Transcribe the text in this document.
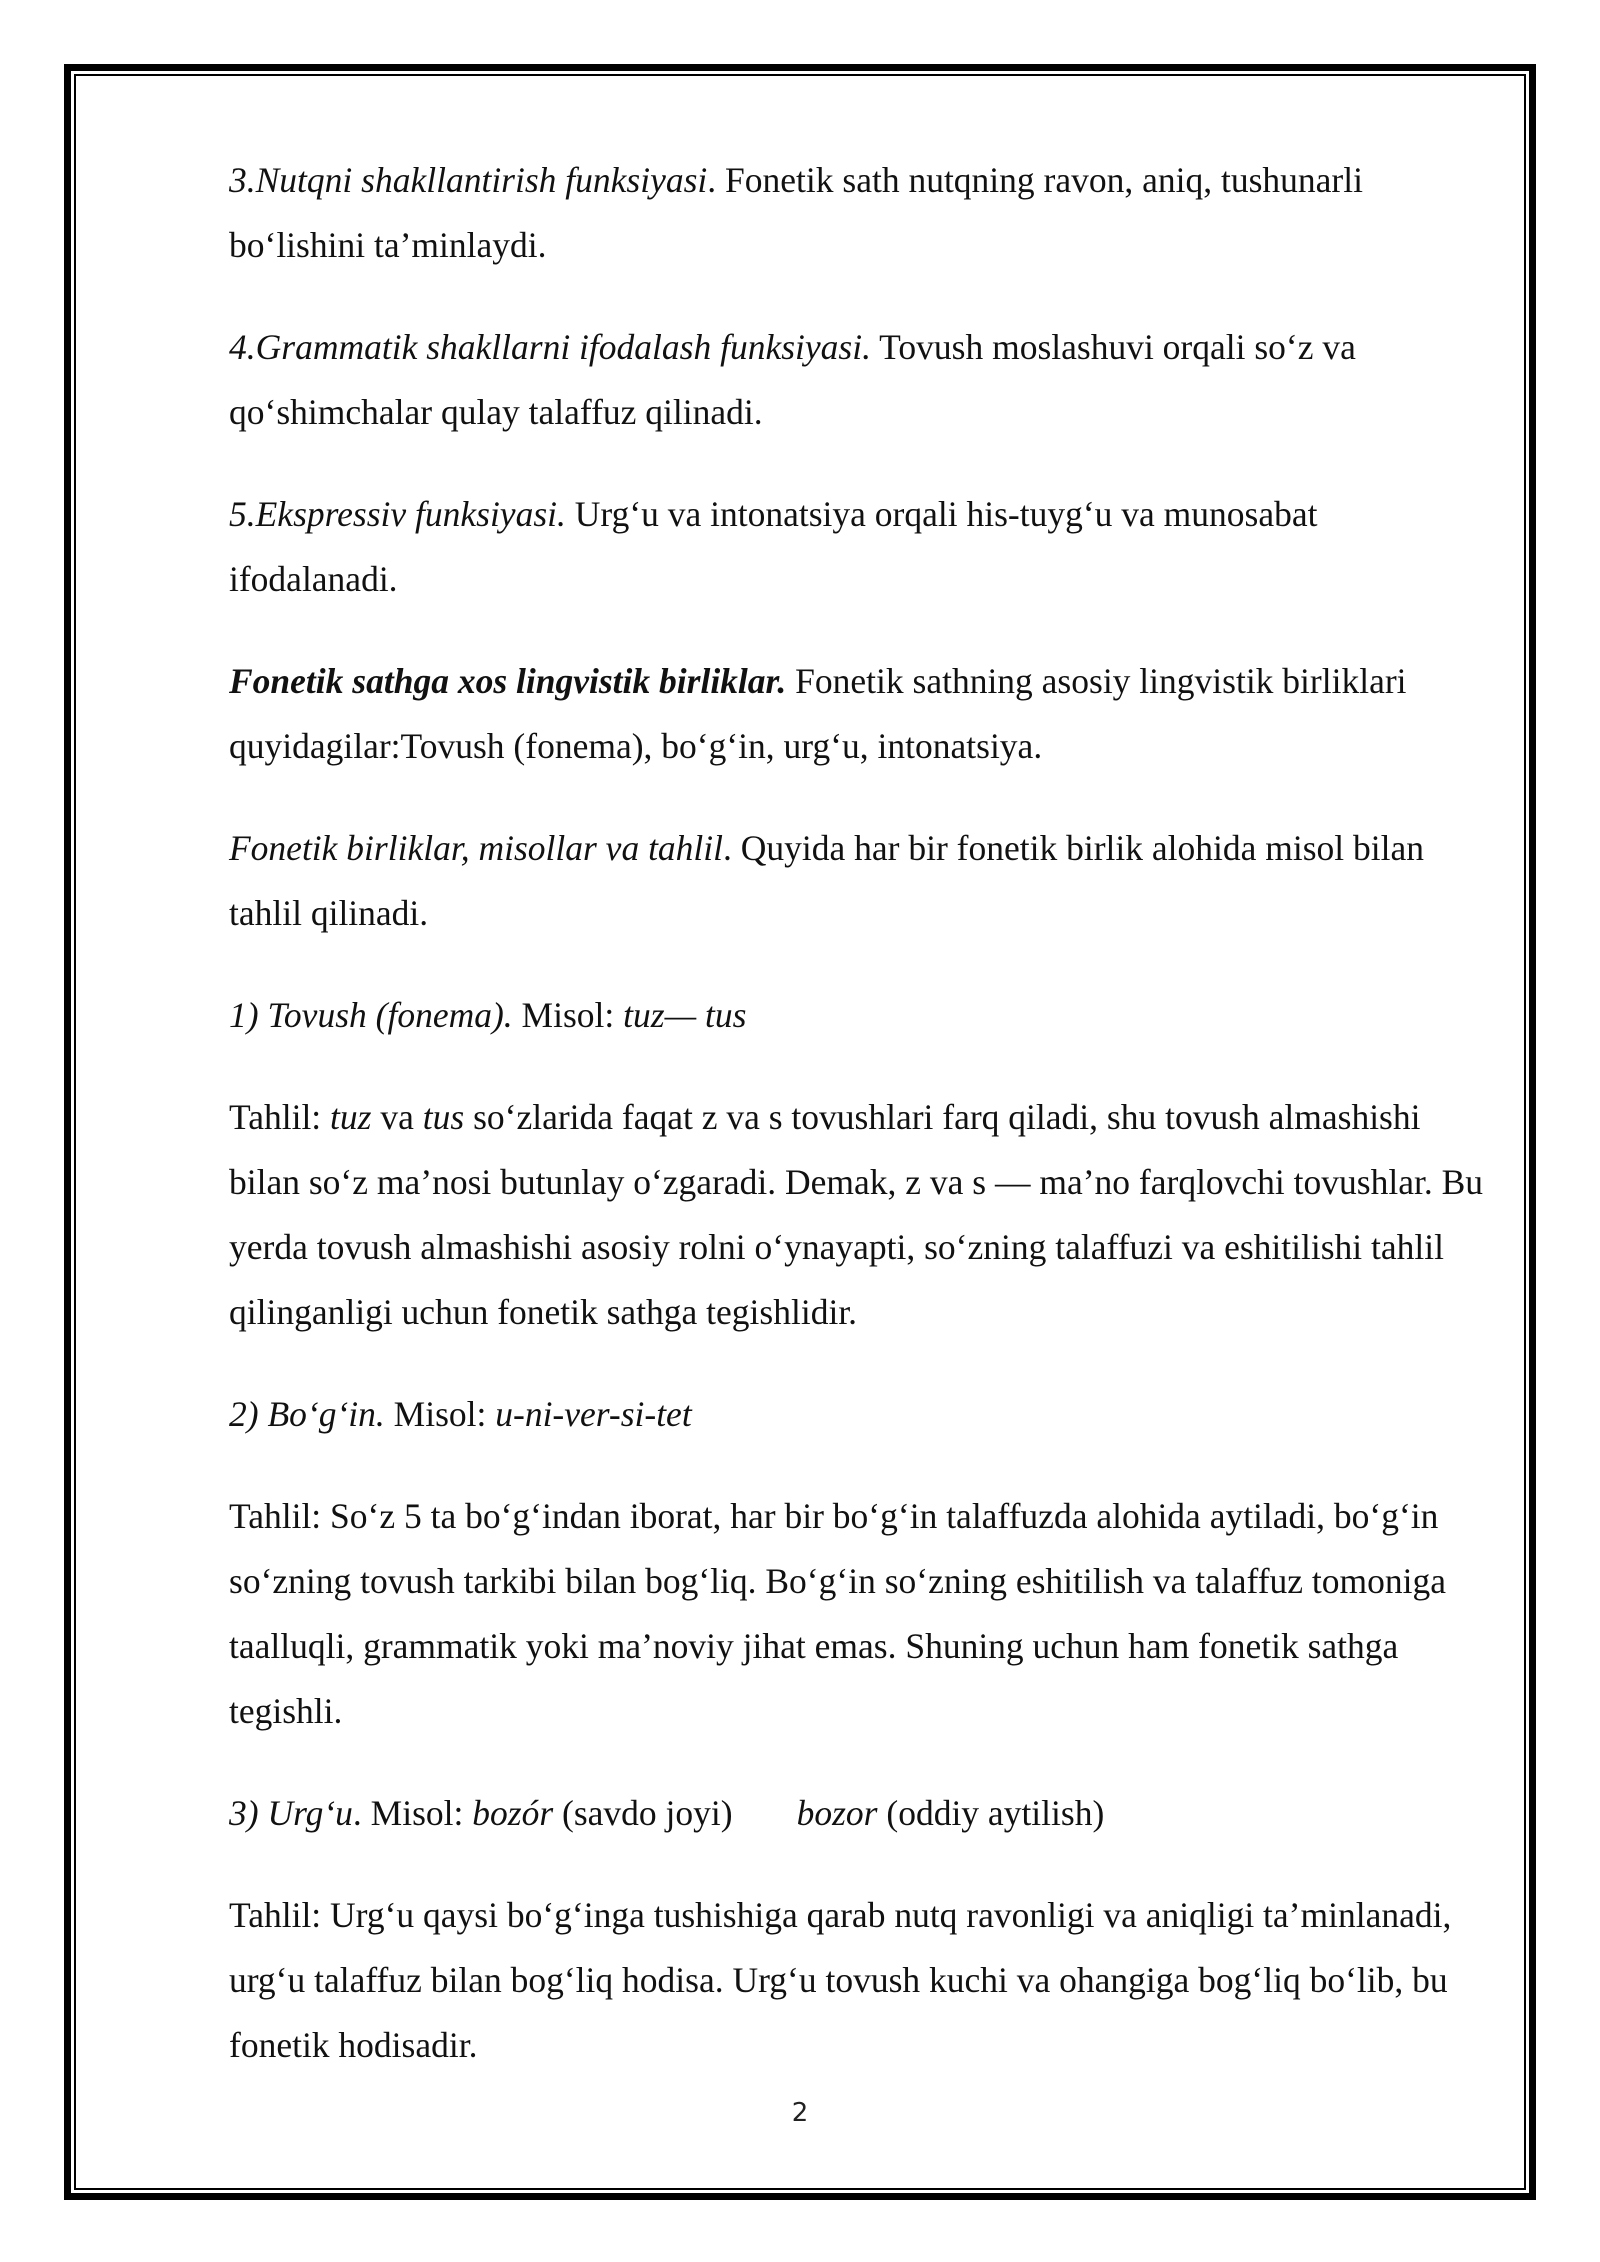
3.Nutqni shakllantirish funksiyasi. Fonetik sath nutqning ravon, aniq, tushunarli bo‘lishini ta’minlaydi.

4.Grammatik shakllarni ifodalash funksiyasi. Tovush moslashuvi orqali so‘z va qo‘shimchalar qulay talaffuz qilinadi.

5.Ekspressiv funksiyasi. Urg‘u va intonatsiya orqali his-tuyg‘u va munosabat ifodalanadi.

Fonetik sathga xos lingvistik birliklar. Fonetik sathning asosiy lingvistik birliklari quyidagilar:Tovush (fonema), bo‘g‘in, urg‘u, intonatsiya.

Fonetik birliklar, misollar va tahlil. Quyida har bir fonetik birlik alohida misol bilan tahlil qilinadi.

1) Tovush (fonema). Misol: tuz— tus

Tahlil: tuz va tus so‘zlarida faqat z va s tovushlari farq qiladi, shu tovush almashishi bilan so‘z ma’nosi butunlay o‘zgaradi. Demak, z va s — ma’no farqlovchi tovushlar. Bu yerda tovush almashishi asosiy rolni o‘ynayapti, so‘zning talaffuzi va eshitilishi tahlil qilinganligi uchun fonetik sathga tegishlidir.

2) Bo‘g‘in. Misol: u-ni-ver-si-tet

Tahlil: So‘z 5 ta bo‘g‘indan iborat, har bir bo‘g‘in talaffuzda alohida aytiladi, bo‘g‘in so‘zning tovush tarkibi bilan bog‘liq. Bo‘g‘in so‘zning eshitilish va talaffuz tomoniga taalluqli, grammatik yoki ma’noviy jihat emas. Shuning uchun ham fonetik sathga tegishli.

3) Urg‘u. Misol: bozór (savdo joyi) bozor (oddiy aytilish)

Tahlil: Urg‘u qaysi bo‘g‘inga tushishiga qarab nutq ravonligi va aniqligi ta’minlanadi, urg‘u talaffuz bilan bog‘liq hodisa. Urg‘u tovush kuchi va ohangiga bog‘liq bo‘lib, bu fonetik hodisadir.

2
